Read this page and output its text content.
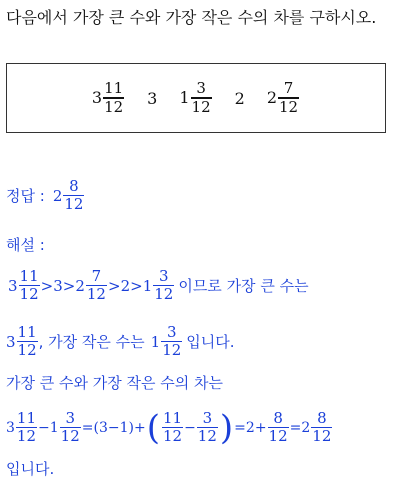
다음에서 가장 큰 수와 가장 작은 수의 차를 구하시오.
$3 \frac{11}{12} 3$ $1 \frac{3}{12} 2$ $2 \frac{7}{12}$
정답 : $2 \frac{8}{12}$
해설 :
$3 \frac{11}{12} > 3 > 2 \frac{7}{12} > 2 > 1 \frac{3}{12}$ 이므로 가장 큰 수는
$3 \frac{11}{12}$ , 가장 작은 수는 $1 \frac{3}{12}$ 입니다.
가장 큰 수와 가장 작은 수의 차는
$3 \frac{11}{12} - 1 \frac{3}{12} = (3-1)$ + ( $\frac{11}{12} - \frac{3}{12}$ ) = $2 + \frac{8}{12} = 2 \frac{8}{12}$
입니다.
